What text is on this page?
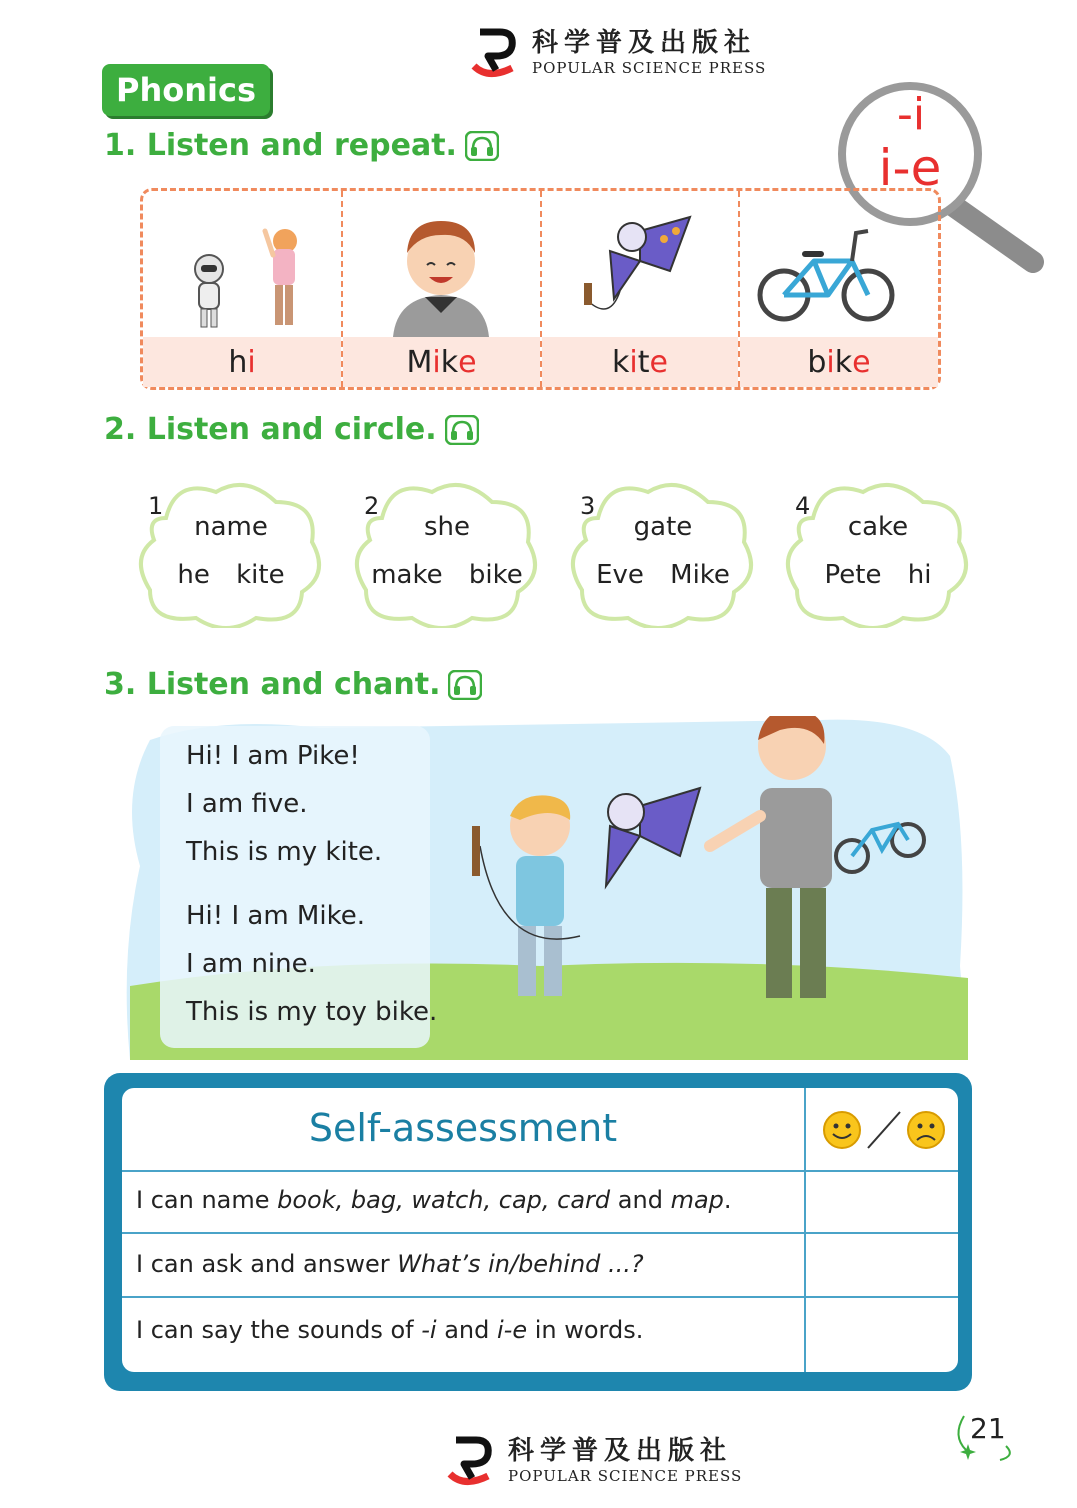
科学普及出版社
POPULAR SCIENCE PRESS
Phonics	-i
i-e
1. Listen and repeat.
h i	M i k e	k i t e	b i k e
2. Listen and circle.
1
name
he kite
2
she
make bike
3
gate
Eve Mike
4
cake
Pete hi
3. Listen and chant.
Hi! I am Pike!
I am five.
This is my kite.
Hi! I am Mike.
I am nine.
This is my toy bike.
Self-assessment
I can name book, bag, watch, cap, card and map.
I can ask and answer What’s in/behind ...?
I can say the sounds of -i and i-e in words.
21
科学普及出版社
POPULAR SCIENCE PRESS
